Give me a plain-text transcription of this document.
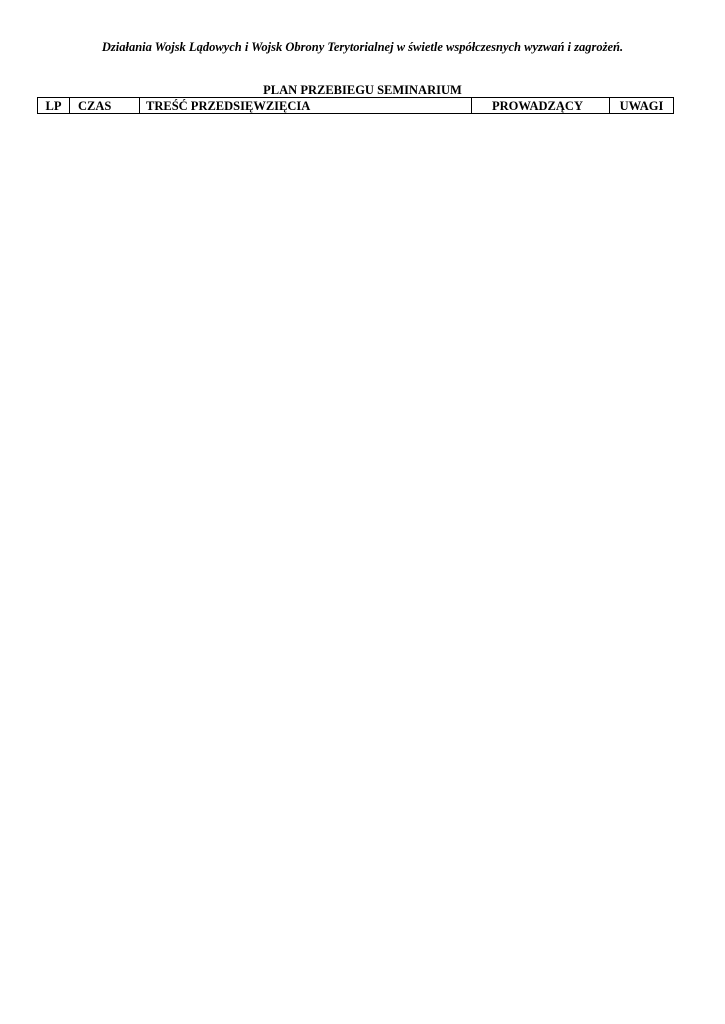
Działania Wojsk Lądowych i Wojsk Obrony Terytorialnej w świetle współczesnych wyzwań i zagrożeń.
PLAN PRZEBIEGU SEMINARIUM
LP	CZAS	TREŚĆ PRZEDSIĘWZIĘCIA	PROWADZĄCY	UWAGI
